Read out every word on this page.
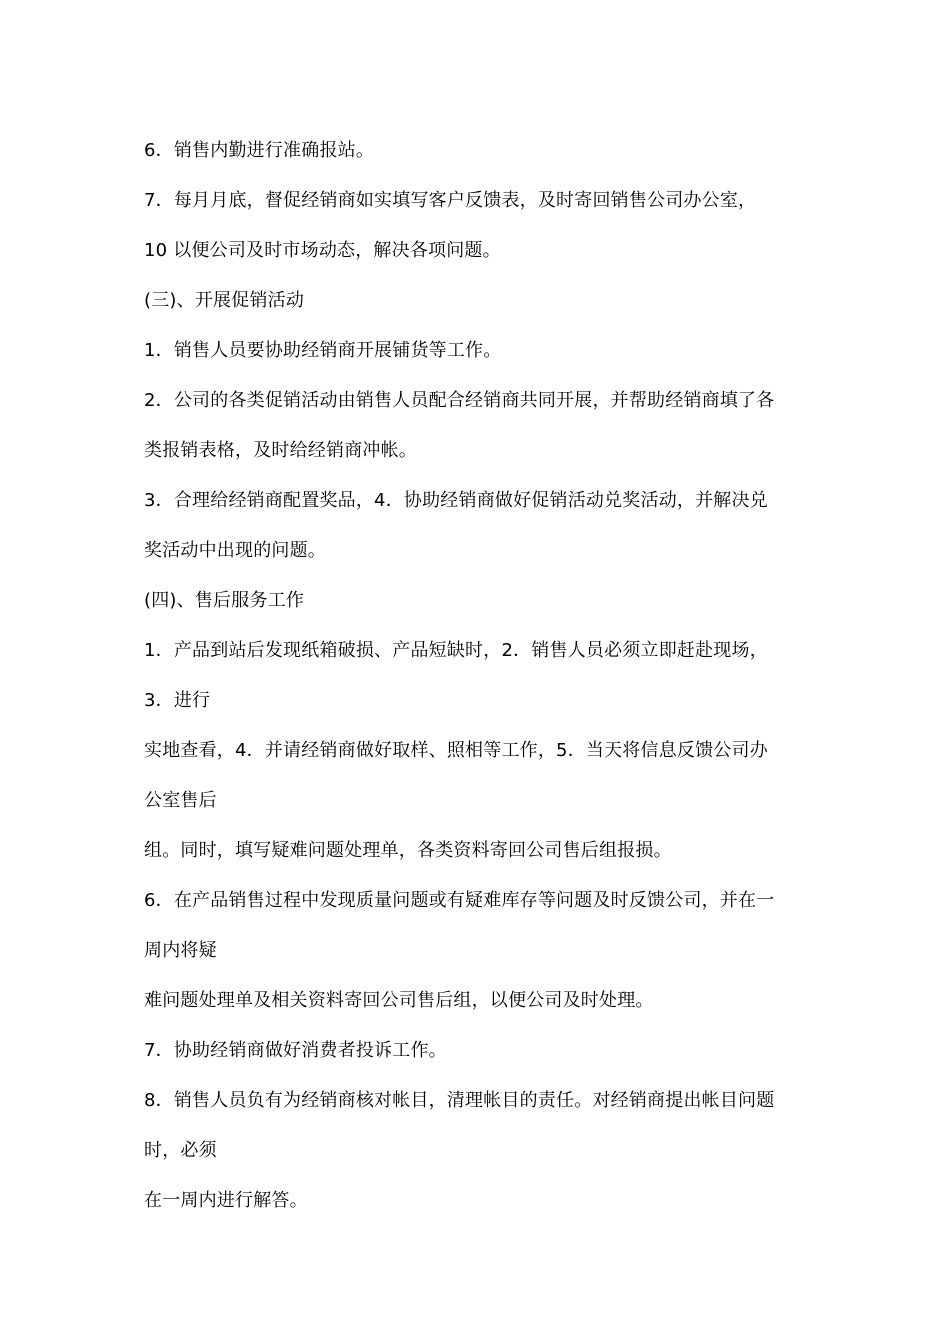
6．销售内勤进行准确报站。
7．每月月底，督促经销商如实填写客户反馈表，及时寄回销售公司办公室，
10 以便公司及时市场动态，解决各项问题。
(三)、开展促销活动
1．销售人员要协助经销商开展铺货等工作。
2．公司的各类促销活动由销售人员配合经销商共同开展，并帮助经销商填了各
类报销表格，及时给经销商冲帐。
3．合理给经销商配置奖品，4．协助经销商做好促销活动兑奖活动，并解决兑
奖活动中出现的问题。
(四)、售后服务工作
1．产品到站后发现纸箱破损、产品短缺时，2．销售人员必须立即赶赴现场，
3．进行
实地查看，4．并请经销商做好取样、照相等工作，5．当天将信息反馈公司办
公室售后
组。同时，填写疑难问题处理单，各类资料寄回公司售后组报损。
6．在产品销售过程中发现质量问题或有疑难库存等问题及时反馈公司，并在一
周内将疑
难问题处理单及相关资料寄回公司售后组，以便公司及时处理。
7．协助经销商做好消费者投诉工作。
8．销售人员负有为经销商核对帐目，清理帐目的责任。对经销商提出帐目问题
时，必须
在一周内进行解答。
